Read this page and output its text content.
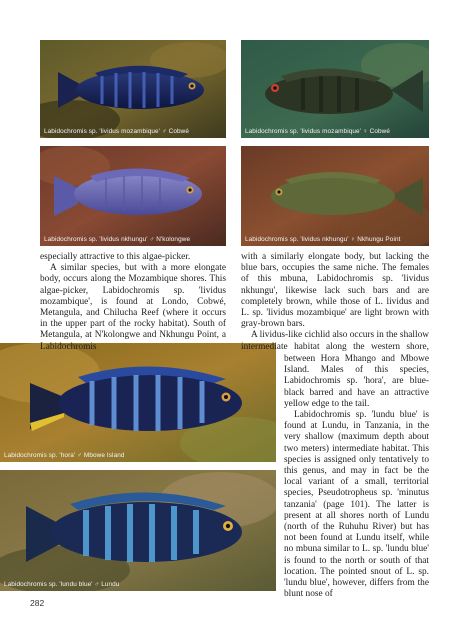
Labidochromis sp. 'lividus mozambique' ♂ Cobwé	Labidochromis sp. 'lividus mozambique' ♀ Cobwé
Labidochromis sp. 'lividus nkhungu' ♂ N'kolongwe	Labidochromis sp. 'lividus nkhungu' ♀ Nkhungu Point
Labidochromis sp. 'hora' ♂ Mbowe Island
Labidochromis sp. 'lundu blue' ♂ Lundu

especially attractive to this algae-picker.

A similar species, but with a more elongate body, occurs along the Mozambique shores. This algae-picker, Labidochromis sp. 'lividus mozambique', is found at Londo, Cobwé, Metangula, and Chilucha Reef (where it occurs in the upper part of the rocky habitat). South of Metangula, at N'kolongwe and Nkhungu Point, a Labidochromis

with a similarly elongate body, but lacking the blue bars, occupies the same niche. The females of this mbuna, Labidochromis sp. 'lividus nkhungu', likewise lack such bars and are completely brown, while those of L. lividus and L. sp. 'lividus mozambique' are light brown with gray-brown bars.

A lividus-like cichlid also occurs in the shallow intermediate habitat along the western shore,

between Hora Mhango and Mbowe Island. Males of this species, Labidochromis sp. 'hora', are blue-black barred and have an attractive yellow edge to the tail.

Labidochromis sp. 'lundu blue' is found at Lundu, in Tanzania, in the very shallow (maximum depth about two meters) intermediate habitat. This species is assigned only tentatively to this genus, and may in fact be the local variant of a small, territorial species, Pseudotropheus sp. 'minutus tanzania' (page 101). The latter is present at all shores north of Lundu (north of the Ruhuhu River) but has not been found at Lundu itself, while no mbuna similar to L. sp. 'lundu blue' is found to the north or south of that location. The pointed snout of L. sp. 'lundu blue', however, differs from the blunt nose of

282
